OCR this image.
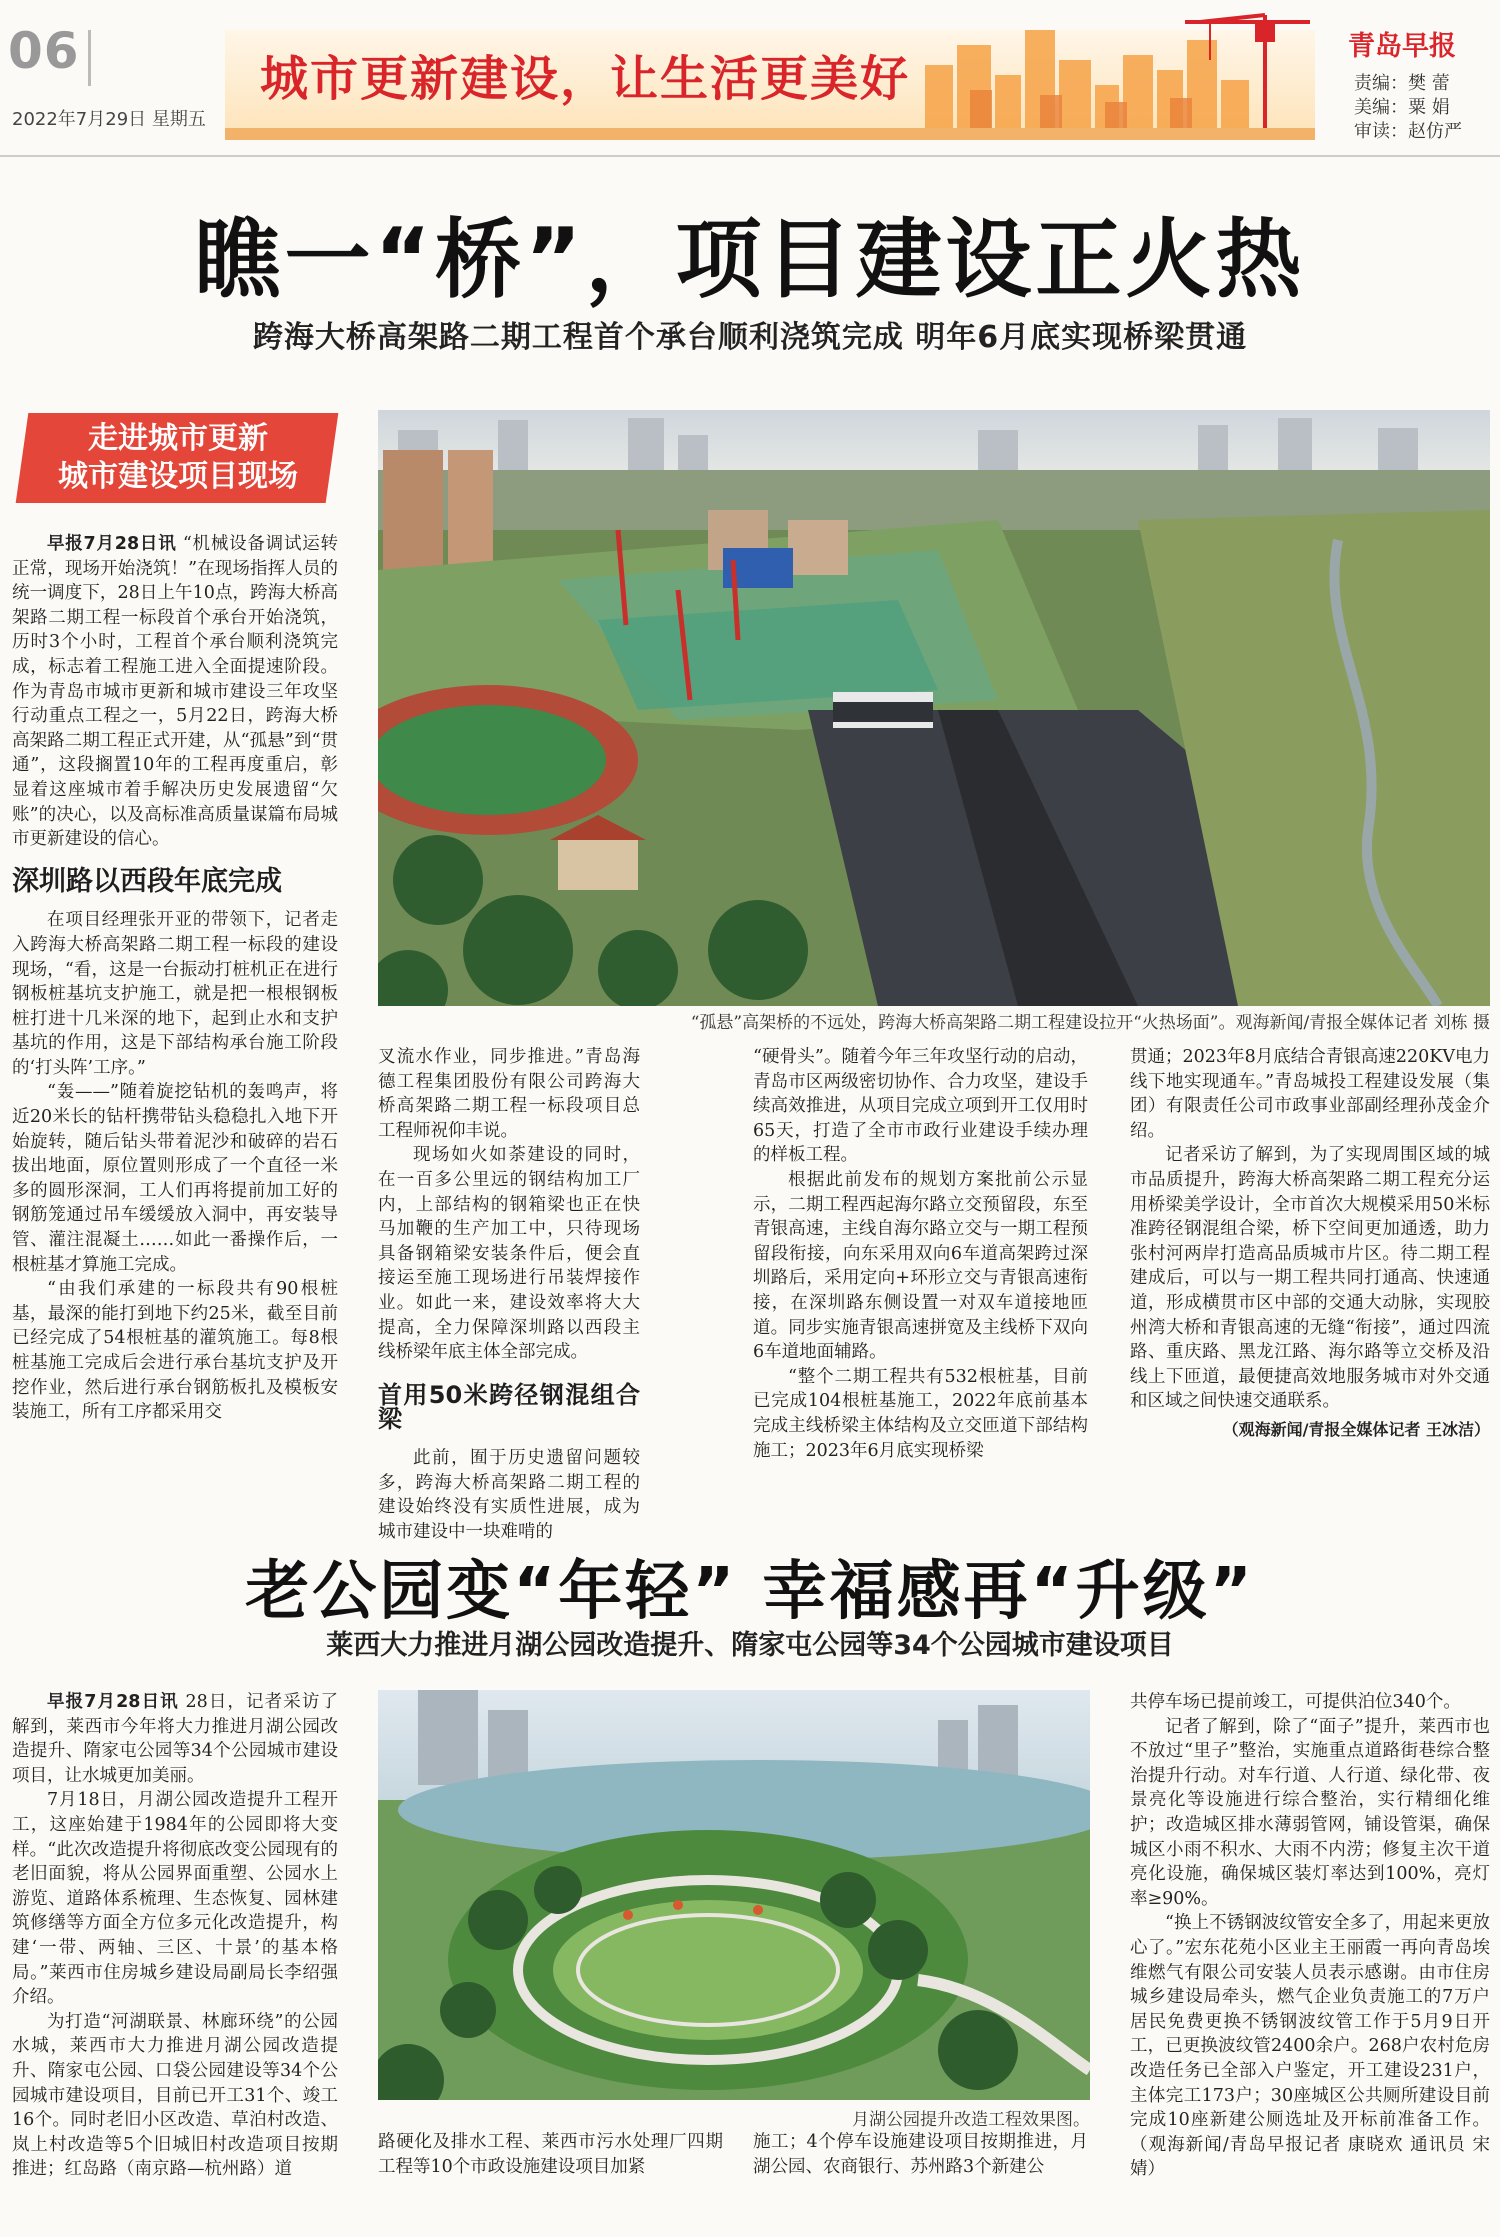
06
2022年7月29日 星期五
城市更新建设，让生活更美好
青岛早报
责编：樊 蕾
美编：粟 娟
审读：赵仿严
瞧一“桥”，项目建设正火热
跨海大桥高架路二期工程首个承台顺利浇筑完成 明年6月底实现桥梁贯通
走进城市更新
城市建设项目现场

早报7月28日讯 “机械设备调试运转正常，现场开始浇筑！”在现场指挥人员的统一调度下，28日上午10点，跨海大桥高架路二期工程一标段首个承台开始浇筑，历时3个小时，工程首个承台顺利浇筑完成，标志着工程施工进入全面提速阶段。作为青岛市城市更新和城市建设三年攻坚行动重点工程之一，5月22日，跨海大桥高架路二期工程正式开建，从“孤悬”到“贯通”，这段搁置10年的工程再度重启，彰显着这座城市着手解决历史发展遗留“欠账”的决心，以及高标准高质量谋篇布局城市更新建设的信心。

深圳路以西段年底完成

在项目经理张开亚的带领下，记者走入跨海大桥高架路二期工程一标段的建设现场，“看，这是一台振动打桩机正在进行钢板桩基坑支护施工，就是把一根根钢板桩打进十几米深的地下，起到止水和支护基坑的作用，这是下部结构承台施工阶段的‘打头阵’工序。”

“轰——”随着旋挖钻机的轰鸣声，将近20米长的钻杆携带钻头稳稳扎入地下开始旋转，随后钻头带着泥沙和破碎的岩石拔出地面，原位置则形成了一个直径一米多的圆形深洞，工人们再将提前加工好的钢筋笼通过吊车缓缓放入洞中，再安装导管、灌注混凝土……如此一番操作后，一根桩基才算施工完成。

“由我们承建的一标段共有90根桩基，最深的能打到地下约25米，截至目前已经完成了54根桩基的灌筑施工。每8根桩基施工完成后会进行承台基坑支护及开挖作业，然后进行承台钢筋板扎及模板安装施工，所有工序都采用交

“孤悬”高架桥的不远处，跨海大桥高架路二期工程建设拉开“火热场面”。观海新闻/青报全媒体记者 刘栋 摄

叉流水作业，同步推进。”青岛海德工程集团股份有限公司跨海大桥高架路二期工程一标段项目总工程师祝仰丰说。

现场如火如荼建设的同时，在一百多公里远的钢结构加工厂内，上部结构的钢箱梁也正在快马加鞭的生产加工中，只待现场具备钢箱梁安装条件后，便会直接运至施工现场进行吊装焊接作业。如此一来，建设效率将大大提高，全力保障深圳路以西段主线桥梁年底主体全部完成。

首用50米跨径钢混组合梁

此前，囿于历史遗留问题较多，跨海大桥高架路二期工程的建设始终没有实质性进展，成为城市建设中一块难啃的

“硬骨头”。随着今年三年攻坚行动的启动，青岛市区两级密切协作、合力攻坚，建设手续高效推进，从项目完成立项到开工仅用时65天，打造了全市市政行业建设手续办理的样板工程。

根据此前发布的规划方案批前公示显示，二期工程西起海尔路立交预留段，东至青银高速，主线自海尔路立交与一期工程预留段衔接，向东采用双向6车道高架跨过深圳路后，采用定向+环形立交与青银高速衔接，在深圳路东侧设置一对双车道接地匝道。同步实施青银高速拼宽及主线桥下双向6车道地面辅路。

“整个二期工程共有532根桩基，目前已完成104根桩基施工，2022年底前基本完成主线桥梁主体结构及立交匝道下部结构施工；2023年6月底实现桥梁

贯通；2023年8月底结合青银高速220KV电力线下地实现通车。”青岛城投工程建设发展（集团）有限责任公司市政事业部副经理孙茂金介绍。

记者采访了解到，为了实现周围区域的城市品质提升，跨海大桥高架路二期工程充分运用桥梁美学设计，全市首次大规模采用50米标准跨径钢混组合梁，桥下空间更加通透，助力张村河两岸打造高品质城市片区。待二期工程建成后，可以与一期工程共同打通高、快速通道，形成横贯市区中部的交通大动脉，实现胶州湾大桥和青银高速的无缝“衔接”，通过四流路、重庆路、黑龙江路、海尔路等立交桥及沿线上下匝道，最便捷高效地服务城市对外交通和区域之间快速交通联系。

（观海新闻/青报全媒体记者 王冰洁）

老公园变“年轻” 幸福感再“升级”
莱西大力推进月湖公园改造提升、隋家屯公园等34个公园城市建设项目

早报7月28日讯 28日，记者采访了解到，莱西市今年将大力推进月湖公园改造提升、隋家屯公园等34个公园城市建设项目，让水城更加美丽。

7月18日，月湖公园改造提升工程开工，这座始建于1984年的公园即将大变样。“此次改造提升将彻底改变公园现有的老旧面貌，将从公园界面重塑、公园水上游览、道路体系梳理、生态恢复、园林建筑修缮等方面全方位多元化改造提升，构建‘一带、两轴、三区、十景’的基本格局。”莱西市住房城乡建设局副局长李绍强介绍。

为打造“河湖联景、林廊环绕”的公园水城，莱西市大力推进月湖公园改造提升、隋家屯公园、口袋公园建设等34个公园城市建设项目，目前已开工31个、竣工16个。同时老旧小区改造、草泊村改造、岚上村改造等5个旧城旧村改造项目按期推进；红岛路（南京路—杭州路）道

月湖公园提升改造工程效果图。

路硬化及排水工程、莱西市污水处理厂四期工程等10个市政设施建设项目加紧

施工；4个停车设施建设项目按期推进，月湖公园、农商银行、苏州路3个新建公

共停车场已提前竣工，可提供泊位340个。

记者了解到，除了“面子”提升，莱西市也不放过“里子”整治，实施重点道路街巷综合整治提升行动。对车行道、人行道、绿化带、夜景亮化等设施进行综合整治，实行精细化维护；改造城区排水薄弱管网，铺设管渠，确保城区小雨不积水、大雨不内涝；修复主次干道亮化设施，确保城区装灯率达到100%，亮灯率≥90%。

“换上不锈钢波纹管安全多了，用起来更放心了。”宏东花苑小区业主王丽霞一再向青岛埃维燃气有限公司安装人员表示感谢。由市住房城乡建设局牵头，燃气企业负责施工的7万户居民免费更换不锈钢波纹管工作于5月9日开工，已更换波纹管2400余户。268户农村危房改造任务已全部入户鉴定，开工建设231户，主体完工173户；30座城区公共厕所建设目前完成10座新建公厕选址及开标前准备工作。（观海新闻/青岛早报记者 康晓欢 通讯员 宋婧）
